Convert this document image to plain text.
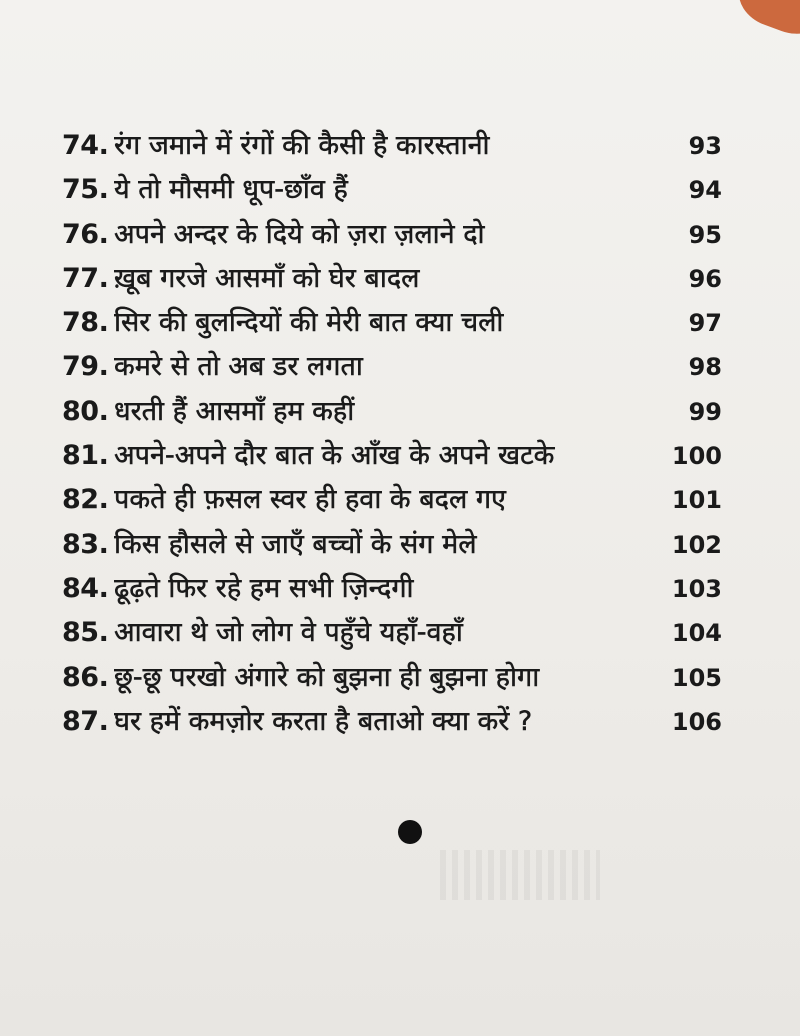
74. रंग जमाने में रंगों की कैसी है कारस्तानी	93
75. ये तो मौसमी धूप-छाँव हैं	94
76. अपने अन्दर के दिये को ज़रा ज़लाने दो	95
77. ख़ूब गरजे आसमाँ को घेर बादल	96
78. सिर की बुलन्दियों की मेरी बात क्या चली	97
79. कमरे से तो अब डर लगता	98
80. धरती हैं आसमाँ हम कहीं	99
81. अपने-अपने दौर बात के आँख के अपने खटके	100
82. पकते ही फ़सल स्वर ही हवा के बदल गए	101
83. किस हौसले से जाएँ बच्चों के संग मेले	102
84. ढूढ़ते फिर रहे हम सभी ज़िन्दगी	103
85. आवारा थे जो लोग वे पहुँचे यहाँ-वहाँ	104
86. छू-छू परखो अंगारे को बुझना ही बुझना होगा	105
87. घर हमें कमज़ोर करता है बताओ क्या करें ?	106
